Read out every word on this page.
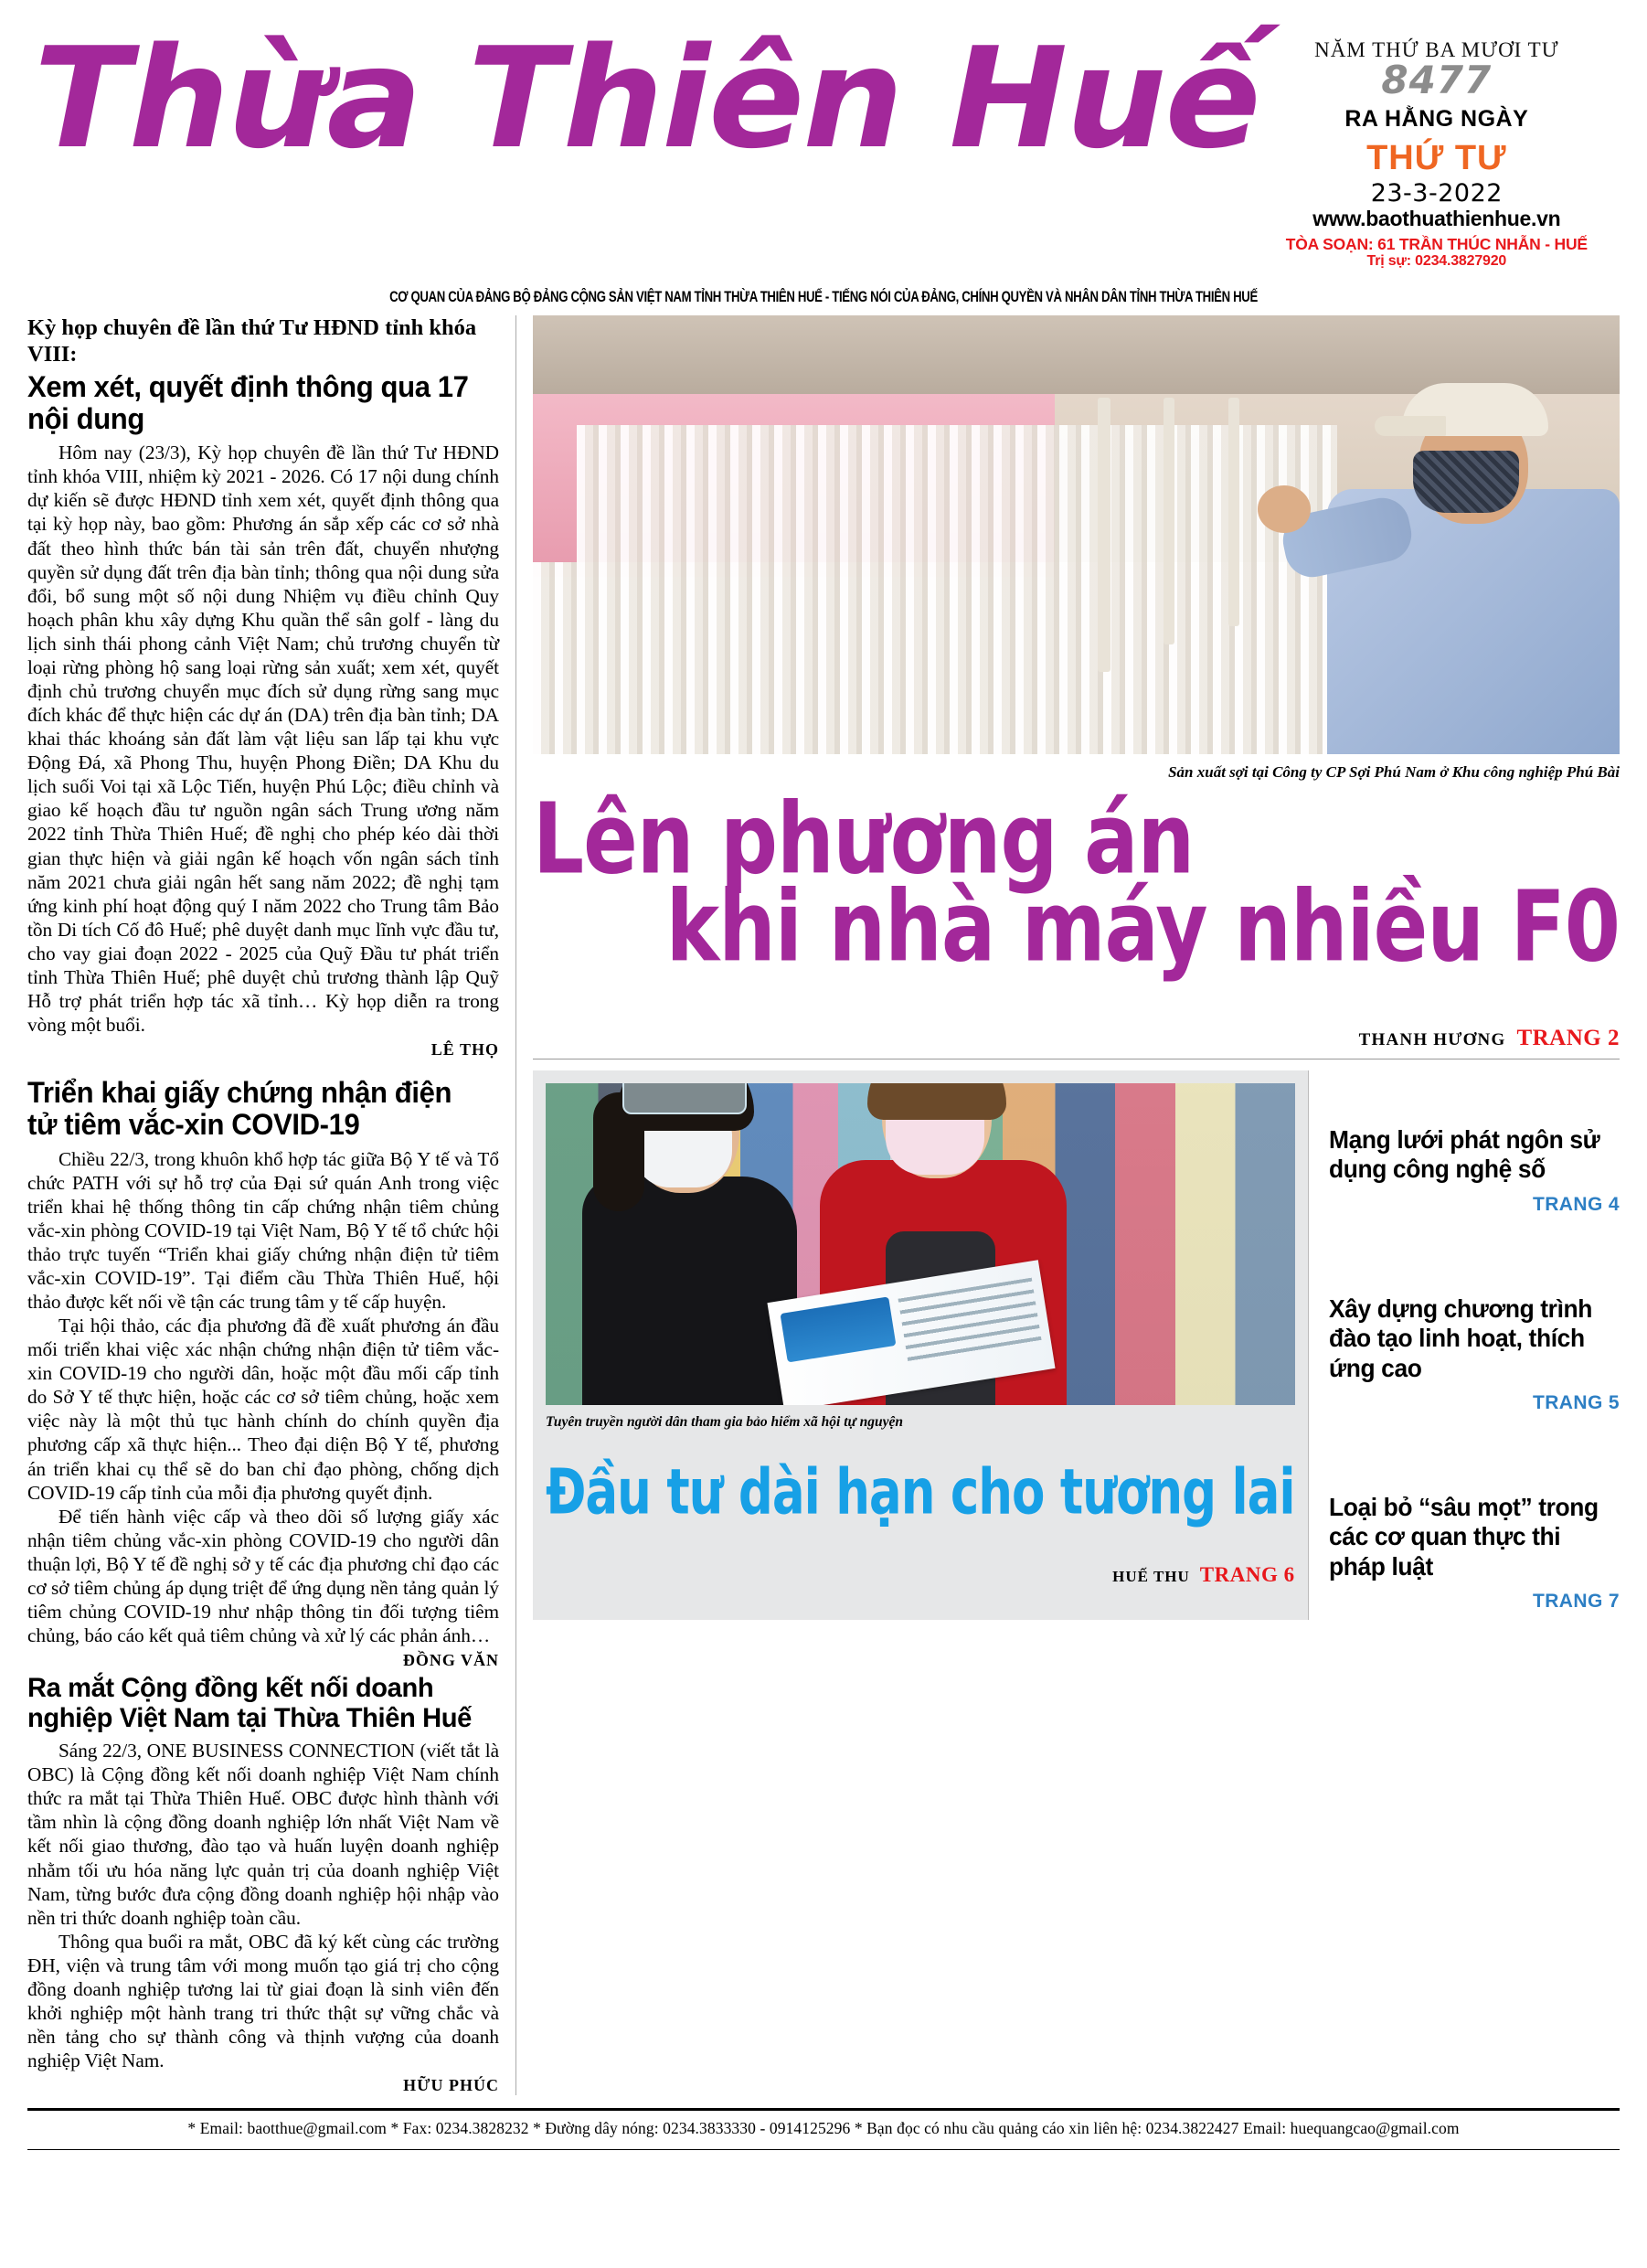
Thừa Thiên Huế	NĂM THỨ BA MƯƠI TƯ
8477
RA HẰNG NGÀY
THỨ TƯ
23-3-2022
www.baothuathienhue.vn
TÒA SOẠN: 61 TRẦN THÚC NHẪN - HUẾ
Trị sự: 0234.3827920
CƠ QUAN CỦA ĐẢNG BỘ ĐẢNG CỘNG SẢN VIỆT NAM TỈNH THỪA THIÊN HUẾ - TIẾNG NÓI CỦA ĐẢNG, CHÍNH QUYỀN VÀ NHÂN DÂN TỈNH THỪA THIÊN HUẾ
Kỳ họp chuyên đề lần thứ Tư HĐND tỉnh khóa VIII:
Xem xét, quyết định thông qua 17 nội dung

Hôm nay (23/3), Kỳ họp chuyên đề lần thứ Tư HĐND tỉnh khóa VIII, nhiệm kỳ 2021 - 2026. Có 17 nội dung chính dự kiến sẽ được HĐND tỉnh xem xét, quyết định thông qua tại kỳ họp này, bao gồm: Phương án sắp xếp các cơ sở nhà đất theo hình thức bán tài sản trên đất, chuyển nhượng quyền sử dụng đất trên địa bàn tỉnh; thông qua nội dung sửa đổi, bổ sung một số nội dung Nhiệm vụ điều chỉnh Quy hoạch phân khu xây dựng Khu quần thể sân golf - làng du lịch sinh thái phong cảnh Việt Nam; chủ trương chuyển từ loại rừng phòng hộ sang loại rừng sản xuất; xem xét, quyết định chủ trương chuyển mục đích sử dụng rừng sang mục đích khác để thực hiện các dự án (DA) trên địa bàn tỉnh; DA khai thác khoáng sản đất làm vật liệu san lấp tại khu vực Động Đá, xã Phong Thu, huyện Phong Điền; DA Khu du lịch suối Voi tại xã Lộc Tiến, huyện Phú Lộc; điều chỉnh và giao kế hoạch đầu tư nguồn ngân sách Trung ương năm 2022 tỉnh Thừa Thiên Huế; đề nghị cho phép kéo dài thời gian thực hiện và giải ngân kế hoạch vốn ngân sách tỉnh năm 2021 chưa giải ngân hết sang năm 2022; đề nghị tạm ứng kinh phí hoạt động quý I năm 2022 cho Trung tâm Bảo tồn Di tích Cố đô Huế; phê duyệt danh mục lĩnh vực đầu tư, cho vay giai đoạn 2022 - 2025 của Quỹ Đầu tư phát triển tỉnh Thừa Thiên Huế; phê duyệt chủ trương thành lập Quỹ Hỗ trợ phát triển hợp tác xã tỉnh… Kỳ họp diễn ra trong vòng một buổi.

LÊ THỌ
Triển khai giấy chứng nhận điện tử tiêm vắc-xin COVID-19

Chiều 22/3, trong khuôn khổ hợp tác giữa Bộ Y tế và Tổ chức PATH với sự hỗ trợ của Đại sứ quán Anh trong việc triển khai hệ thống thông tin cấp chứng nhận tiêm chủng vắc-xin phòng COVID-19 tại Việt Nam, Bộ Y tế tổ chức hội thảo trực tuyến “Triển khai giấy chứng nhận điện tử tiêm vắc-xin COVID-19”. Tại điểm cầu Thừa Thiên Huế, hội thảo được kết nối về tận các trung tâm y tế cấp huyện.

Tại hội thảo, các địa phương đã đề xuất phương án đầu mối triển khai việc xác nhận chứng nhận điện tử tiêm vắc-xin COVID-19 cho người dân, hoặc một đầu mối cấp tỉnh do Sở Y tế thực hiện, hoặc các cơ sở tiêm chủng, hoặc xem việc này là một thủ tục hành chính do chính quyền địa phương cấp xã thực hiện... Theo đại diện Bộ Y tế, phương án triển khai cụ thể sẽ do ban chỉ đạo phòng, chống dịch COVID-19 cấp tỉnh của mỗi địa phương quyết định.

Để tiến hành việc cấp và theo dõi số lượng giấy xác nhận tiêm chủng vắc-xin phòng COVID-19 cho người dân thuận lợi, Bộ Y tế đề nghị sở y tế các địa phương chỉ đạo các cơ sở tiêm chủng áp dụng triệt để ứng dụng nền tảng quản lý tiêm chủng COVID-19 như nhập thông tin đối tượng tiêm chủng, báo cáo kết quả tiêm chủng và xử lý các phản ánh…

ĐỒNG VĂN
Ra mắt Cộng đồng kết nối doanh nghiệp Việt Nam tại Thừa Thiên Huế

Sáng 22/3, ONE BUSINESS CONNECTION (viết tắt là OBC) là Cộng đồng kết nối doanh nghiệp Việt Nam chính thức ra mắt tại Thừa Thiên Huế. OBC được hình thành với tầm nhìn là cộng đồng doanh nghiệp lớn nhất Việt Nam về kết nối giao thương, đào tạo và huấn luyện doanh nghiệp nhằm tối ưu hóa năng lực quản trị của doanh nghiệp Việt Nam, từng bước đưa cộng đồng doanh nghiệp hội nhập vào nền tri thức doanh nghiệp toàn cầu.

Thông qua buổi ra mắt, OBC đã ký kết cùng các trường ĐH, viện và trung tâm với mong muốn tạo giá trị cho cộng đồng doanh nghiệp tương lai từ giai đoạn là sinh viên đến khởi nghiệp một hành trang tri thức thật sự vững chắc và nền tảng cho sự thành công và thịnh vượng của doanh nghiệp Việt Nam.

HỮU PHÚC
Sản xuất sợi tại Công ty CP Sợi Phú Nam ở Khu công nghiệp Phú Bài
Lên phương án
khi nhà máy nhiều F0
THANH HƯƠNG TRANG 2
Tuyên truyền người dân tham gia bảo hiểm xã hội tự nguyện
Đầu tư dài hạn cho tương lai
HUẾ THU TRANG 6
Mạng lưới phát ngôn sử dụng công nghệ số
TRANG 4
Xây dựng chương trình đào tạo linh hoạt, thích ứng cao
TRANG 5
Loại bỏ “sâu mọt” trong các cơ quan thực thi pháp luật
TRANG 7
* Email: baotthue@gmail.com * Fax: 0234.3828232 * Đường dây nóng: 0234.3833330 - 0914125296 * Bạn đọc có nhu cầu quảng cáo xin liên hệ: 0234.3822427 Email: huequangcao@gmail.com
